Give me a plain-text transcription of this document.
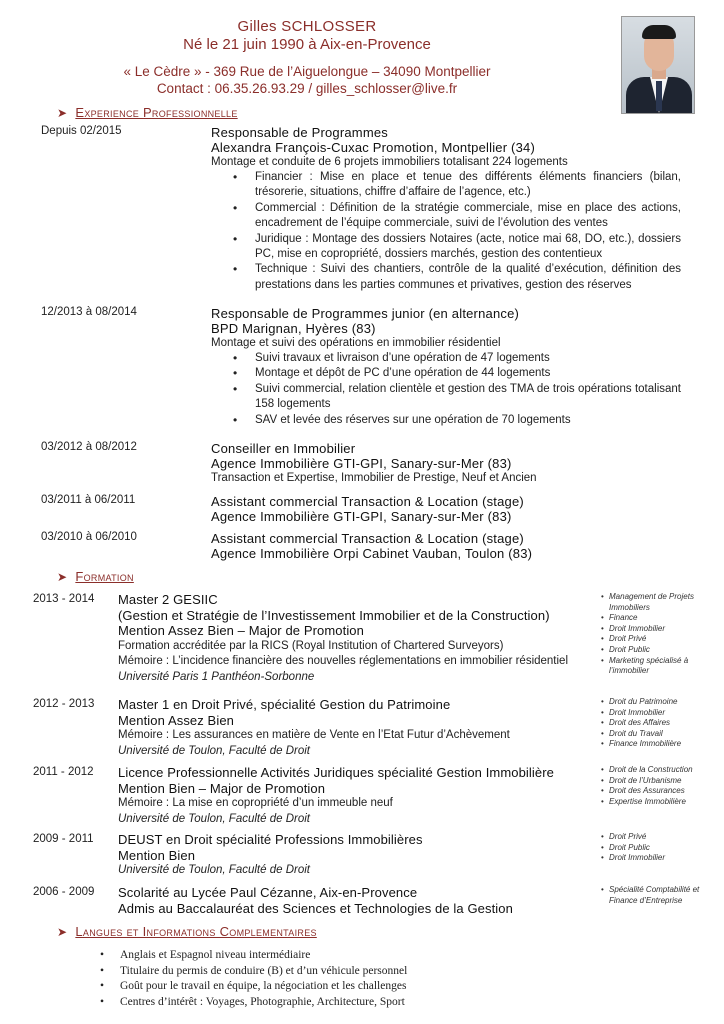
Gilles SCHLOSSER
Né le 21 juin 1990 à Aix-en-Provence
« Le Cèdre » - 369 Rue de l’Aiguelongue – 34090 Montpellier
Contact : 06.35.26.93.29 / gilles_schlosser@live.fr
➤ Experience Professionnelle
Depuis 02/2015	Responsable de Programmes
Alexandra François-Cuxac Promotion, Montpellier (34)
Montage et conduite de 6 projets immobiliers totalisant 224 logements
• Financier : Mise en place et tenue des différents éléments financiers (bilan, trésorerie, situations, chiffre d’affaire de l’agence, etc.)
• Commercial : Définition de la stratégie commerciale, mise en place des actions, encadrement de l’équipe commerciale, suivi de l’évolution des ventes
• Juridique : Montage des dossiers Notaires (acte, notice mai 68, DO, etc.), dossiers PC, mise en copropriété, dossiers marchés, gestion des contentieux
• Technique : Suivi des chantiers, contrôle de la qualité d’exécution, définition des prestations dans les parties communes et privatives, gestion des réserves
12/2013 à 08/2014	Responsable de Programmes junior (en alternance)
BPD Marignan, Hyères (83)
Montage et suivi des opérations en immobilier résidentiel
• Suivi travaux et livraison d’une opération de 47 logements
• Montage et dépôt de PC d’une opération de 44 logements
• Suivi commercial, relation clientèle et gestion des TMA de trois opérations totalisant 158 logements
• SAV et levée des réserves sur une opération de 70 logements
03/2012 à 08/2012	Conseiller en Immobilier
Agence Immobilière GTI-GPI, Sanary-sur-Mer (83)
Transaction et Expertise, Immobilier de Prestige, Neuf et Ancien
03/2011 à 06/2011	Assistant commercial Transaction & Location (stage)
Agence Immobilière GTI-GPI, Sanary-sur-Mer (83)
03/2010 à 06/2010	Assistant commercial Transaction & Location (stage)
Agence Immobilière Orpi Cabinet Vauban, Toulon (83)
➤ Formation
2013 - 2014 Master 2 GESIIC
(Gestion et Stratégie de l’Investissement Immobilier et de la Construction)
Mention Assez Bien – Major de Promotion
Formation accréditée par la RICS (Royal Institution of Chartered Surveyors)
Mémoire : L’incidence financière des nouvelles réglementations en immobilier résidentiel
Université Paris 1 Panthéon-Sorbonne
• Management de Projets Immobiliers
• Finance
• Droit Immobilier
• Droit Privé
• Droit Public
• Marketing spécialisé à l’immobilier
2012 - 2013 Master 1 en Droit Privé, spécialité Gestion du Patrimoine
Mention Assez Bien
Mémoire : Les assurances en matière de Vente en l’Etat Futur d’Achèvement
Université de Toulon, Faculté de Droit
• Droit du Patrimoine
• Droit Immobilier
• Droit des Affaires
• Droit du Travail
• Finance Immobilière
2011 - 2012 Licence Professionnelle Activités Juridiques spécialité Gestion Immobilière
Mention Bien – Major de Promotion
Mémoire : La mise en copropriété d’un immeuble neuf
Université de Toulon, Faculté de Droit
• Droit de la Construction
• Droit de l’Urbanisme
• Droit des Assurances
• Expertise Immobilière
2009 - 2011 DEUST en Droit spécialité Professions Immobilières
Mention Bien
Université de Toulon, Faculté de Droit
• Droit Privé
• Droit Public
• Droit Immobilier
2006 - 2009 Scolarité au Lycée Paul Cézanne, Aix-en-Provence
Admis au Baccalauréat des Sciences et Technologies de la Gestion
• Spécialité Comptabilité et Finance d’Entreprise
➤ Langues et Informations Complementaires
• Anglais et Espagnol niveau intermédiaire
• Titulaire du permis de conduire (B) et d’un véhicule personnel
• Goût pour le travail en équipe, la négociation et les challenges
• Centres d’intérêt : Voyages, Photographie, Architecture, Sport
